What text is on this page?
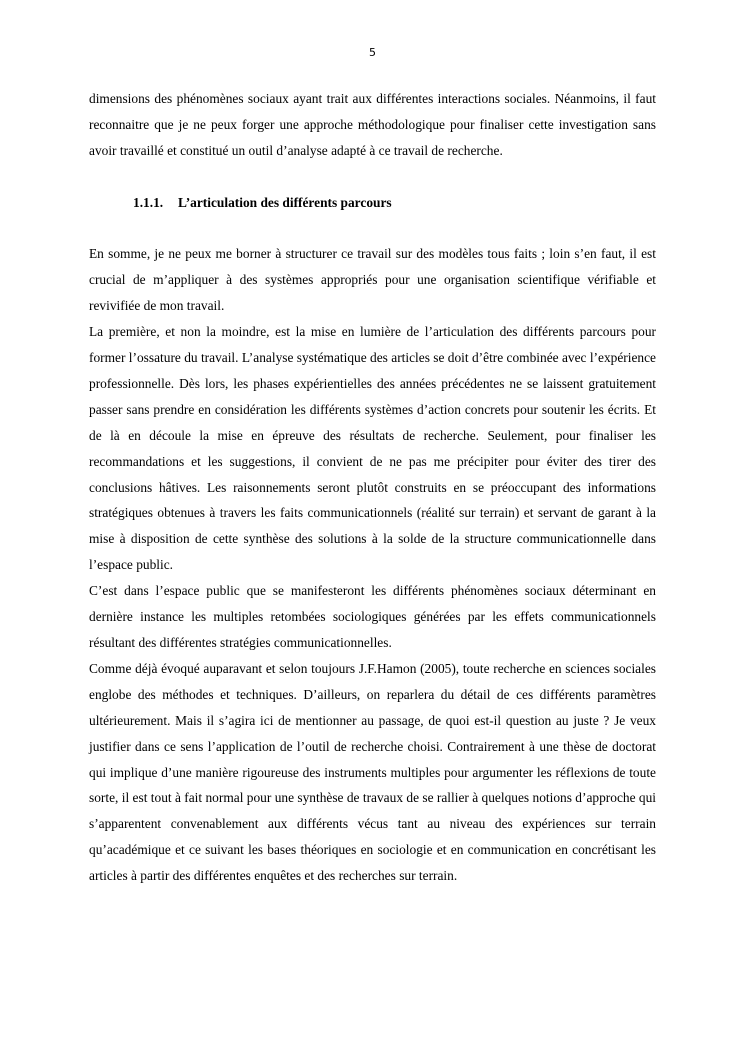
5

dimensions des phénomènes sociaux ayant trait aux différentes interactions sociales. Néanmoins, il faut reconnaitre que je ne peux forger une approche méthodologique pour finaliser cette investigation sans avoir travaillé et constitué un outil d’analyse adapté à ce travail de recherche.

1.1.1. L’articulation des différents parcours

En somme, je ne peux me borner à structurer ce travail sur des modèles tous faits ; loin s’en faut, il est crucial de m’appliquer à des systèmes appropriés pour une organisation scientifique vérifiable et revivifiée de mon travail.

La première, et non la moindre, est la mise en lumière de l’articulation des différents parcours pour former l’ossature du travail. L’analyse systématique des articles se doit d’être combinée avec l’expérience professionnelle. Dès lors, les phases expérientielles des années précédentes ne se laissent gratuitement passer sans prendre en considération les différents systèmes d’action concrets pour soutenir les écrits. Et de là en découle la mise en épreuve des résultats de recherche. Seulement, pour finaliser les recommandations et les suggestions, il convient de ne pas me précipiter pour éviter des tirer des conclusions hâtives. Les raisonnements seront plutôt construits en se préoccupant des informations stratégiques obtenues à travers les faits communicationnels (réalité sur terrain) et servant de garant à la mise à disposition de cette synthèse des solutions à la solde de la structure communicationnelle dans l’espace public.

C’est dans l’espace public que se manifesteront les différents phénomènes sociaux déterminant en dernière instance les multiples retombées sociologiques générées par les effets communicationnels résultant des différentes stratégies communicationnelles.

Comme déjà évoqué auparavant et selon toujours J.F.Hamon (2005), toute recherche en sciences sociales englobe des méthodes et techniques. D’ailleurs, on reparlera du détail de ces différents paramètres ultérieurement. Mais il s’agira ici de mentionner au passage, de quoi est-il question au juste ? Je veux justifier dans ce sens l’application de l’outil de recherche choisi. Contrairement à une thèse de doctorat qui implique d’une manière rigoureuse des instruments multiples pour argumenter les réflexions de toute sorte, il est tout à fait normal pour une synthèse de travaux de se rallier à quelques notions d’approche qui s’apparentent convenablement aux différents vécus tant au niveau des expériences sur terrain qu’académique et ce suivant les bases théoriques en sociologie et en communication en concrétisant les articles à partir des différentes enquêtes et des recherches sur terrain.
